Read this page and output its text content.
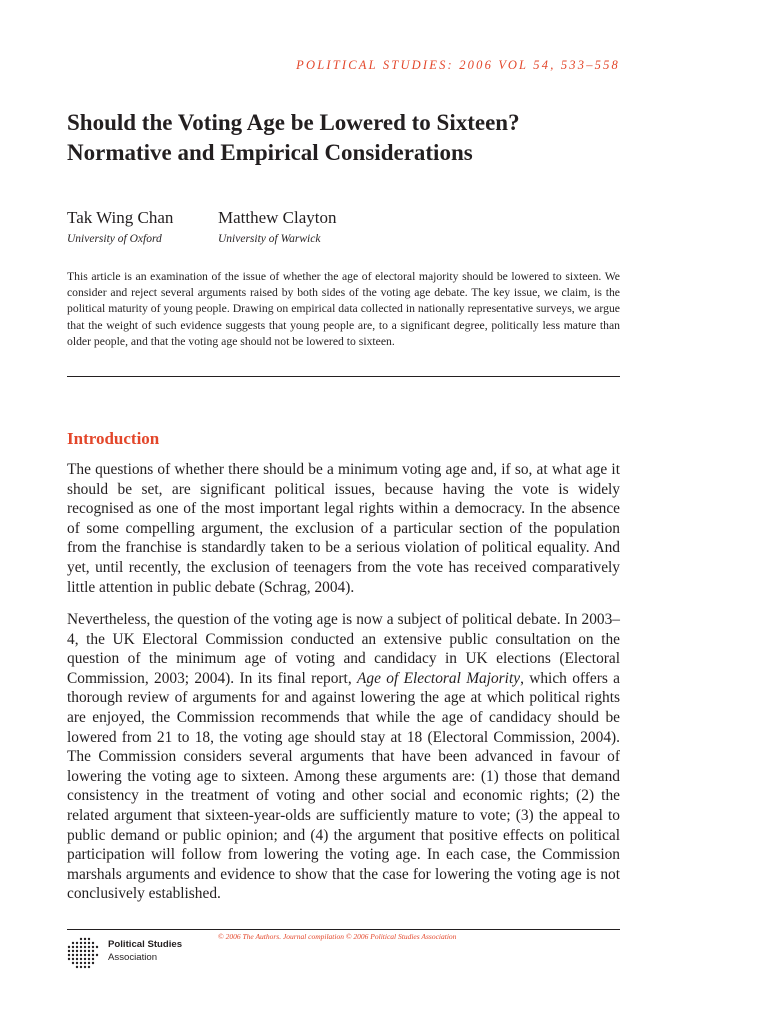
POLITICAL STUDIES: 2006 VOL 54, 533–558
Should the Voting Age be Lowered to Sixteen? Normative and Empirical Considerations
Tak Wing Chan
University of Oxford
Matthew Clayton
University of Warwick

This article is an examination of the issue of whether the age of electoral majority should be lowered to sixteen. We consider and reject several arguments raised by both sides of the voting age debate. The key issue, we claim, is the political maturity of young people. Drawing on empirical data collected in nationally representative surveys, we argue that the weight of such evidence suggests that young people are, to a significant degree, politically less mature than older people, and that the voting age should not be lowered to sixteen.

Introduction

The questions of whether there should be a minimum voting age and, if so, at what age it should be set, are significant political issues, because having the vote is widely recognised as one of the most important legal rights within a democracy. In the absence of some compelling argument, the exclusion of a particular section of the population from the franchise is standardly taken to be a serious violation of political equality. And yet, until recently, the exclusion of teenagers from the vote has received comparatively little attention in public debate (Schrag, 2004).

Nevertheless, the question of the voting age is now a subject of political debate. In 2003–4, the UK Electoral Commission conducted an extensive public consultation on the question of the minimum age of voting and candidacy in UK elections (Electoral Commission, 2003; 2004). In its final report, Age of Electoral Majority, which offers a thorough review of arguments for and against lowering the age at which political rights are enjoyed, the Commission recommends that while the age of candidacy should be lowered from 21 to 18, the voting age should stay at 18 (Electoral Commission, 2004). The Commission considers several arguments that have been advanced in favour of lowering the voting age to sixteen. Among these arguments are: (1) those that demand consistency in the treatment of voting and other social and economic rights; (2) the related argument that sixteen-year-olds are sufficiently mature to vote; (3) the appeal to public demand or public opinion; and (4) the argument that positive effects on political participation will follow from lowering the voting age. In each case, the Commission marshals arguments and evidence to show that the case for lowering the voting age is not conclusively established.

Political Studies
Association
© 2006 The Authors. Journal compilation © 2006 Political Studies Association
